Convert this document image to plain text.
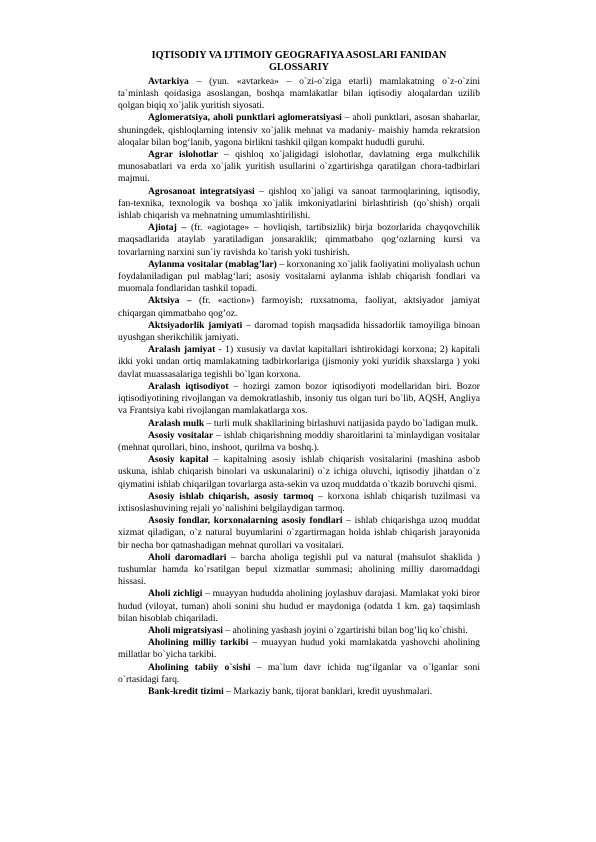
IQTISODIY VA IJTIMOIY GEOGRAFIYA ASOSLARI FANIDAN
GLOSSARIY

Avtarkiya – (yun. «avtarkea» – o`zi-o`ziga etarli) mamlakatning o`z-o`zini ta`minlash qoidasiga asoslangan, boshqa mamlakatlar bilan iqtisodiy aloqalardan uzilib qolgan biqiq xo`jalik yuritish siyosati.

Aglomeratsiya, aholi punktlari aglomeratsiyasi – aholi punktlari, asosan shaharlar, shuningdek, qishloqlarning intensiv xo`jalik mehnat va madaniy- maishiy hamda rekratsion aloqalar bilan bog‘lanib, yagona birlikni tashkil qilgan kompakt hududli guruhi.

Agrar islohotlar – qishloq xo`jaligidagi islohotlar, davlatning erga mulkchilik munosabatlari va erda xo`jalik yuritish usullarini o`zgartirishga qaratilgan chora-tadbirlari majmui.

Agrosanoat integratsiyasi – qishloq xo`jaligi va sanoat tarmoqlarining, iqtisodiy, fan-texnika, texnologik va boshqa xo`jalik imkoniyatlarini birlashtirish (qo`shish) orqali ishlab chiqarish va mehnatning umumlashtirilishi.

Ajiotaj – (fr. «agiotage» – hovliqish, tartibsizlik) birja bozorlarida chayqovchilik maqsadlarida ataylab yaratiladigan jonsaraklik; qimmatbaho qog‘ozlarning kursi va tovarlarning narxini sun`iy ravishda ko`tarish yoki tushirish.

Aylanma vositalar (mablag’lar) – korxonaning xo`jalik faoliyatini moliyalash uchun foydalaniladigan pul mablag‘lari; asosiy vositalarni aylanma ishlab chiqarish fondlari va muomala fondlaridan tashkil topadi.

Aktsiya – (fr. «action») farmoyish; ruxsatnoma, faoliyat, aktsiyador jamiyat chiqargan qimmatbaho qog’oz.

Aktsiyadorlik jamiyati – daromad topish maqsadida hissadorlik tamoyiliga binoan uyushgan sherikchilik jamiyati.

Aralash jamiyat - 1) xususiy va davlat kapitallari ishtirokidagi korxona; 2) kapitali ikki yoki undan ortiq mamlakatning tadbirkorlariga (jismoniy yoki yuridik shaxslarga ) yoki davlat muassasalariga tegishli bo`lgan korxona.

Aralash iqtisodiyot – hozirgi zamon bozor iqtisodiyoti modellaridan biri. Bozor iqtisodiyotining rivojlangan va demokratlashib, insoniy tus olgan turi bo`lib, AQSH, Angliya va Frantsiya kabi rivojlangan mamlakatlarga xos.

Aralash mulk – turli mulk shakllarining birlashuvi natijasida paydo bo`ladigan mulk.

Asosiy vositalar – ishlab chiqarishning moddiy sharoitlarini ta`minlaydigan vositalar (mehnat qurollari, bino, inshoot, qurilma va boshq.).

Asosiy kapital – kapitalning asosiy ishlab chiqarish vositalarini (mashina asbob uskuna, ishlab chiqarish binolari va uskunalarini) o`z ichiga oluvchi, iqtisodiy jihatdan o`z qiymatini ishlab chiqarilgan tovarlarga asta-sekin va uzoq muddatda o`tkazib boruvchi qismi.

Asosiy ishlab chiqarish, asosiy tarmoq – korxona ishlab chiqarish tuzilmasi va ixtisoslashuvining rejali yo`nalishini belgilaydigan tarmoq.

Asosiy fondlar, korxonalarning asosiy fondlari – ishlab chiqarishga uzoq muddat xizmat qiladigan, o`z natural buyumlarini o`zgartirmagan holda ishlab chiqarish jarayonida bir necha bor qatnashadigan mehnat qurollari va vositalari.

Aholi daromadlari – barcha aholiga tegishli pul va natural (mahsulot shaklida ) tushumlar hamda ko`rsatilgan bepul xizmatlar summasi; aholining milliy daromaddagi hissasi.

Aholi zichligi – muayyan hududda aholining joylashuv darajasi. Mamlakat yoki biror hudud (viloyat, tuman) aholi sonini shu hudud er maydoniga (odatda 1 km. ga) taqsimlash bilan hisoblab chiqariladi.

Aholi migratsiyasi – aholining yashash joyini o`zgartirishi bilan bog’liq ko`chishi.

Aholining milliy tarkibi – muayyan hudud yoki mamlakatda yashovchi aholining millatlar bo`yicha tarkibi.

Aholining tabiiy o`sishi – ma`lum davr ichida tug‘ilganlar va o`lganlar soni o`rtasidagi farq.

Bank-kredit tizimi – Markaziy bank, tijorat banklari, kredit uyushmalari.
